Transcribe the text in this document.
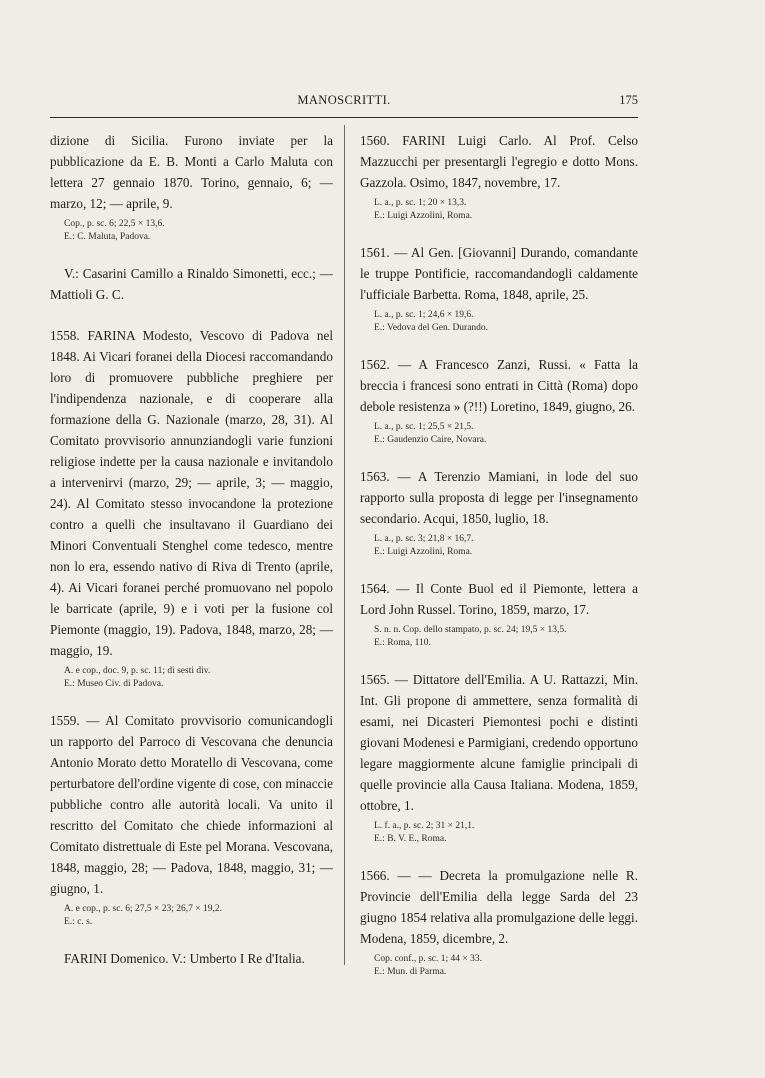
MANOSCRITTI.	175

dizione di Sicilia. Furono inviate per la pubblicazione da E. B. Monti a Carlo Maluta con lettera 27 gennaio 1870. Torino, gennaio, 6; — marzo, 12; — aprile, 9.

Cop., p. sc. 6; 22,5 × 13,6.
E.: C. Maluta, Padova.

V.: Casarini Camillo a Rinaldo Simonetti, ecc.; — Mattioli G. C.

1558. FARINA Modesto, Vescovo di Padova nel 1848. Ai Vicari foranei della Diocesi raccomandando loro di promuovere pubbliche preghiere per l'indipendenza nazionale, e di cooperare alla formazione della G. Nazionale (marzo, 28, 31). Al Comitato provvisorio annunziandogli varie funzioni religiose indette per la causa nazionale e invitandolo a intervenirvi (marzo, 29; — aprile, 3; — maggio, 24). Al Comitato stesso invocandone la protezione contro a quelli che insultavano il Guardiano dei Minori Conventuali Stenghel come tedesco, mentre non lo era, essendo nativo di Riva di Trento (aprile, 4). Ai Vicari foranei perché promuovano nel popolo le barricate (aprile, 9) e i voti per la fusione col Piemonte (maggio, 19). Padova, 1848, marzo, 28; — maggio, 19.

A. e cop., doc. 9, p. sc. 11; di sesti div.
E.: Museo Civ. di Padova.

1559. — Al Comitato provvisorio comunicandogli un rapporto del Parroco di Vescovana che denuncia Antonio Morato detto Moratello di Vescovana, come perturbatore dell'ordine vigente di cose, con minaccie pubbliche contro alle autorità locali. Va unito il rescritto del Comitato che chiede informazioni al Comitato distrettuale di Este pel Morana. Vescovana, 1848, maggio, 28; — Padova, 1848, maggio, 31; — giugno, 1.

A. e cop., p. sc. 6; 27,5 × 23; 26,7 × 19,2.
E.: c. s.

FARINI Domenico. V.: Umberto I Re d'Italia.

1560. FARINI Luigi Carlo. Al Prof. Celso Mazzucchi per presentargli l'egregio e dotto Mons. Gazzola. Osimo, 1847, novembre, 17.

L. a., p. sc. 1; 20 × 13,3.
E.: Luigi Azzolini, Roma.

1561. — Al Gen. [Giovanni] Durando, comandante le truppe Pontificie, raccomandandogli caldamente l'ufficiale Barbetta. Roma, 1848, aprile, 25.

L. a., p. sc. 1; 24,6 × 19,6.
E.: Vedova del Gen. Durando.

1562. — A Francesco Zanzi, Russi. « Fatta la breccia i francesi sono entrati in Città (Roma) dopo debole resistenza » (?!!) Loretino, 1849, giugno, 26.

L. a., p. sc. 1; 25,5 × 21,5.
E.: Gaudenzio Caire, Novara.

1563. — A Terenzio Mamiani, in lode del suo rapporto sulla proposta di legge per l'insegnamento secondario. Acqui, 1850, luglio, 18.

L. a., p. sc. 3; 21,8 × 16,7.
E.: Luigi Azzolini, Roma.

1564. — Il Conte Buol ed il Piemonte, lettera a Lord John Russel. Torino, 1859, marzo, 17.

S. n. n. Cop. dello stampato, p. sc. 24; 19,5 × 13,5.
E.: Roma, 110.

1565. — Dittatore dell'Emilia. A U. Rattazzi, Min. Int. Gli propone di ammettere, senza formalità di esami, nei Dicasteri Piemontesi pochi e distinti giovani Modenesi e Parmigiani, credendo opportuno legare maggiormente alcune famiglie principali di quelle provincie alla Causa Italiana. Modena, 1859, ottobre, 1.

L. f. a., p. sc. 2; 31 × 21,1.
E.: B. V. E., Roma.

1566. — — Decreta la promulgazione nelle R. Provincie dell'Emilia della legge Sarda del 23 giugno 1854 relativa alla promulgazione delle leggi. Modena, 1859, dicembre, 2.

Cop. conf., p. sc. 1; 44 × 33.
E.: Mun. di Parma.
